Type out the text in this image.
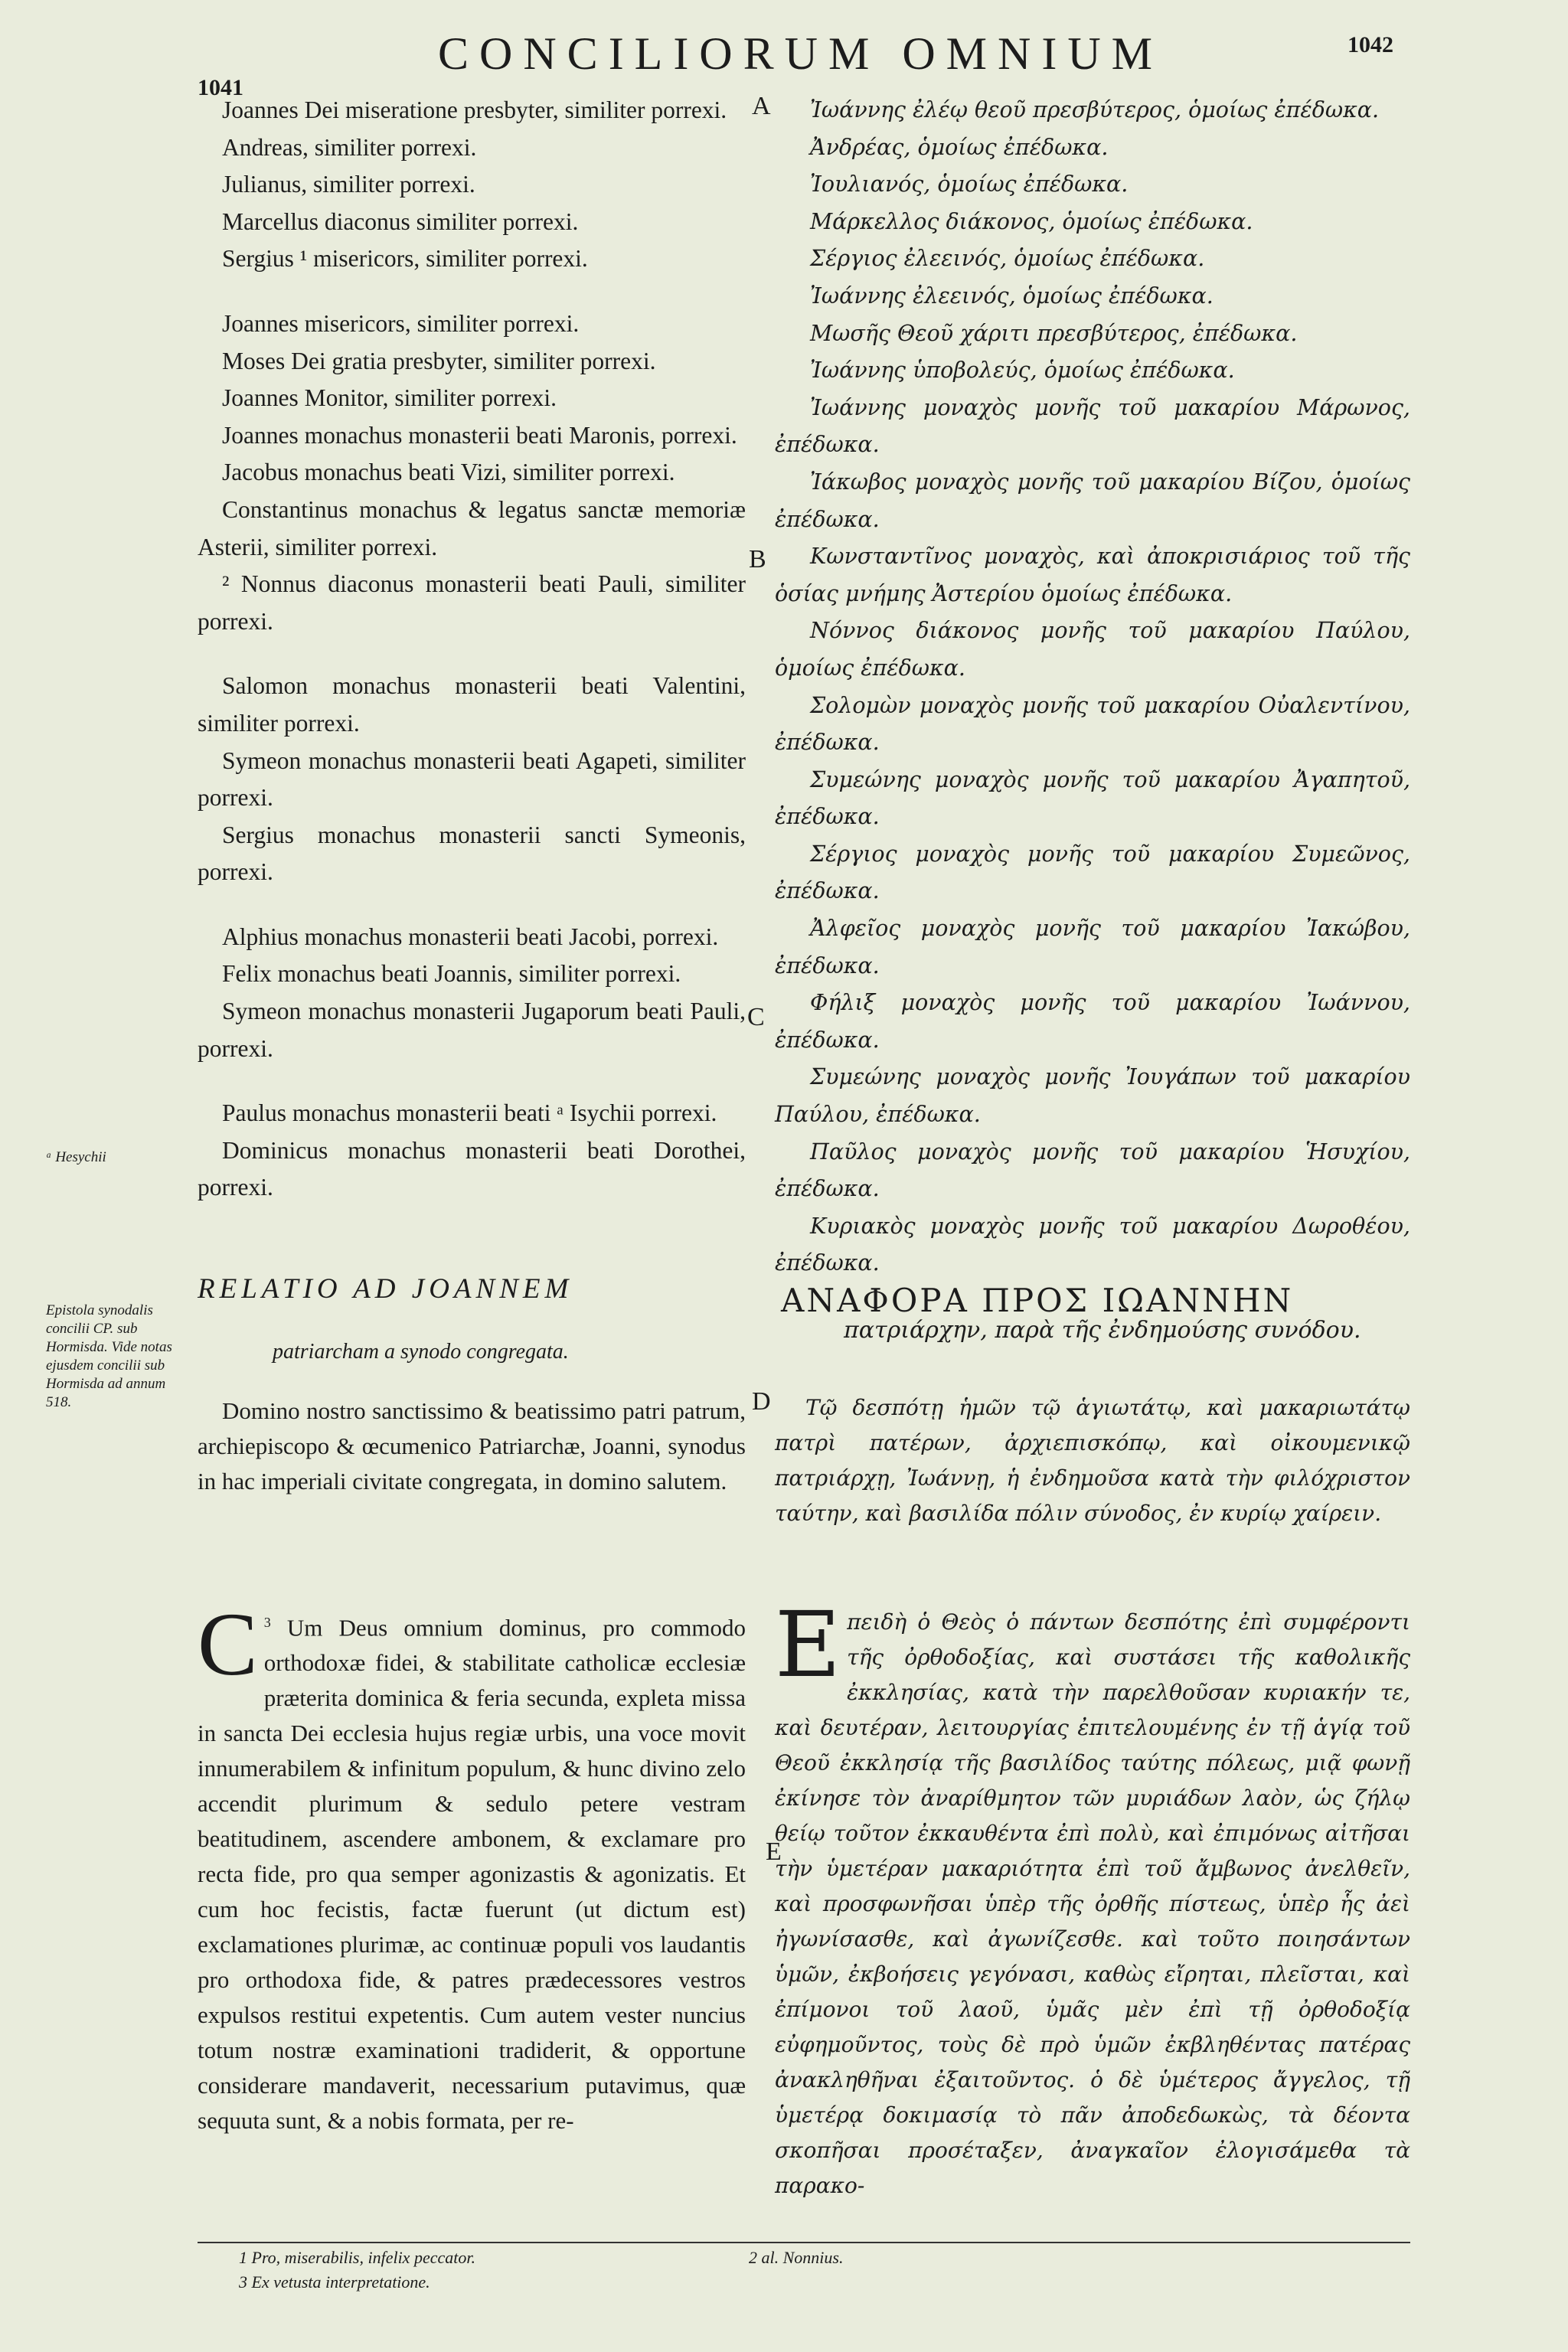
1041
CONCILIORUM OMNIUM	1042
A
B
C
D
E
ᵃ Hesychii
Epistola synodalis concilii CP. sub Hormisda. Vide notas ejusdem concilii sub Hormisda ad annum 518.
Joannes Dei miseratione presbyter, similiter porrexi.
Andreas, similiter porrexi.
Julianus, similiter porrexi.
Marcellus diaconus similiter porrexi.
Sergius ¹ misericors, similiter porrexi.
Joannes misericors, similiter porrexi.
Moses Dei gratia presbyter, similiter porrexi.
Joannes Monitor, similiter porrexi.
Joannes monachus monasterii beati Maronis, porrexi.
Jacobus monachus beati Vizi, similiter porrexi.
Constantinus monachus & legatus sanctæ memoriæ Asterii, similiter porrexi.
² Nonnus diaconus monasterii beati Pauli, similiter porrexi.
Salomon monachus monasterii beati Valentini, similiter porrexi.
Symeon monachus monasterii beati Agapeti, similiter porrexi.
Sergius monachus monasterii sancti Symeonis, porrexi.
Alphius monachus monasterii beati Jacobi, porrexi.
Felix monachus beati Joannis, similiter porrexi.
Symeon monachus monasterii Jugaporum beati Pauli, porrexi.
Paulus monachus monasterii beati ᵃ Isychii porrexi.
Dominicus monachus monasterii beati Dorothei, porrexi.
Ἰωάννης ἐλέῳ θεοῦ πρεσβύτερος, ὁμοίως ἐπέδωκα.
Ἀνδρέας, ὁμοίως ἐπέδωκα.
Ἰουλιανός, ὁμοίως ἐπέδωκα.
Μάρκελλος διάκονος, ὁμοίως ἐπέδωκα.
Σέργιος ἐλεεινός, ὁμοίως ἐπέδωκα.
Ἰωάννης ἐλεεινός, ὁμοίως ἐπέδωκα.
Μωσῆς Θεοῦ χάριτι πρεσβύτερος, ἐπέδωκα.
Ἰωάννης ὑποβολεύς, ὁμοίως ἐπέδωκα.
Ἰωάννης μοναχὸς μονῆς τοῦ μακαρίου Μάρωνος, ἐπέδωκα.
Ἰάκωβος μοναχὸς μονῆς τοῦ μακαρίου Βίζου, ὁμοίως ἐπέδωκα.
Κωνσταντῖνος μοναχὸς, καὶ ἀποκρισιάριος τοῦ τῆς ὁσίας μνήμης Ἀστερίου ὁμοίως ἐπέδωκα.
Νόννος διάκονος μονῆς τοῦ μακαρίου Παύλου, ὁμοίως ἐπέδωκα.
Σολομὼν μοναχὸς μονῆς τοῦ μακαρίου Οὐαλεντίνου, ἐπέδωκα.
Συμεώνης μοναχὸς μονῆς τοῦ μακαρίου Ἀγαπητοῦ, ἐπέδωκα.
Σέργιος μοναχὸς μονῆς τοῦ μακαρίου Συμεῶνος, ἐπέδωκα.
Ἀλφεῖος μοναχὸς μονῆς τοῦ μακαρίου Ἰακώβου, ἐπέδωκα.
Φήλιξ μοναχὸς μονῆς τοῦ μακαρίου Ἰωάννου, ἐπέδωκα.
Συμεώνης μοναχὸς μονῆς Ἰουγάπων τοῦ μακαρίου Παύλου, ἐπέδωκα.
Παῦλος μοναχὸς μονῆς τοῦ μακαρίου Ἡσυχίου, ἐπέδωκα.
Κυριακὸς μοναχὸς μονῆς τοῦ μακαρίου Δωροθέου, ἐπέδωκα.
RELATIO AD JOANNEM
patriarcham a synodo congregata.
ΑΝΑΦΟΡΑ ΠΡΟΣ ΙΩΑΝΝΗΝ
πατριάρχην, παρὰ τῆς ἐνδημούσης συνόδου.

Domino nostro sanctissimo & beatissimo patri patrum, archiepiscopo & œcumenico Patriarchæ, Joanni, synodus in hac imperiali civitate congregata, in domino salutem.

Τῷ δεσπότῃ ἡμῶν τῷ ἁγιωτάτῳ, καὶ μακαριωτάτῳ πατρὶ πατέρων, ἀρχιεπισκόπῳ, καὶ οἰκουμενικῷ πατριάρχῃ, Ἰωάννῃ, ἡ ἐνδημοῦσα κατὰ τὴν φιλόχριστον ταύτην, καὶ βασιλίδα πόλιν σύνοδος, ἐν κυρίῳ χαίρειν.

C $^3$ Um Deus omnium dominus, pro commodo orthodoxæ fidei, & stabilitate catholicæ ecclesiæ præterita dominica & feria secunda, expleta missa in sancta Dei ecclesia hujus regiæ urbis, una voce movit innumerabilem & infinitum populum, & hunc divino zelo accendit plurimum & sedulo petere vestram beatitudinem, ascendere ambonem, & exclamare pro recta fide, pro qua semper agonizastis & agonizatis. Et cum hoc fecistis, factæ fuerunt (ut dictum est) exclamationes plurimæ, ac continuæ populi vos laudantis pro orthodoxa fide, & patres prædecessores vestros expulsos restitui expetentis. Cum autem vester nuncius totum nostræ examinationi tradiderit, & opportune considerare mandaverit, necessarium putavimus, quæ sequuta sunt, & a nobis formata, per re-
Ε πειδὴ ὁ Θεὸς ὁ πάντων δεσπότης ἐπὶ συμφέροντι τῆς ὀρθοδοξίας, καὶ συστάσει τῆς καθολικῆς ἐκκλησίας, κατὰ τὴν παρελθοῦσαν κυριακήν τε, καὶ δευτέραν, λειτουργίας ἐπιτελουμένης ἐν τῇ ἁγίᾳ τοῦ Θεοῦ ἐκκλησίᾳ τῆς βασιλίδος ταύτης πόλεως, μιᾷ φωνῇ ἐκίνησε τὸν ἀναρίθμητον τῶν μυριάδων λαὸν, ὡς ζήλῳ θείῳ τοῦτον ἐκκαυθέντα ἐπὶ πολὺ, καὶ ἐπιμόνως αἰτῆσαι τὴν ὑμετέραν μακαριότητα ἐπὶ τοῦ ἄμβωνος ἀνελθεῖν, καὶ προσφωνῆσαι ὑπὲρ τῆς ὀρθῆς πίστεως, ὑπὲρ ἧς ἀεὶ ἠγωνίσασθε, καὶ ἀγωνίζεσθε. καὶ τοῦτο ποιησάντων ὑμῶν, ἐκβοήσεις γεγόνασι, καθὼς εἴρηται, πλεῖσται, καὶ ἐπίμονοι τοῦ λαοῦ, ὑμᾶς μὲν ἐπὶ τῇ ὀρθοδοξίᾳ εὐφημοῦντος, τοὺς δὲ πρὸ ὑμῶν ἐκβληθέντας πατέρας ἀνακληθῆναι ἐξαιτοῦντος. ὁ δὲ ὑμέτερος ἄγγελος, τῇ ὑμετέρᾳ δοκιμασίᾳ τὸ πᾶν ἀποδεδωκὼς, τὰ δέοντα σκοπῆσαι προσέταξεν, ἀναγκαῖον ἐλογισάμεθα τὰ παρακο-
1 Pro, miserabilis, infelix peccator.	2 al. Nonnius.
3 Ex vetusta interpretatione.
